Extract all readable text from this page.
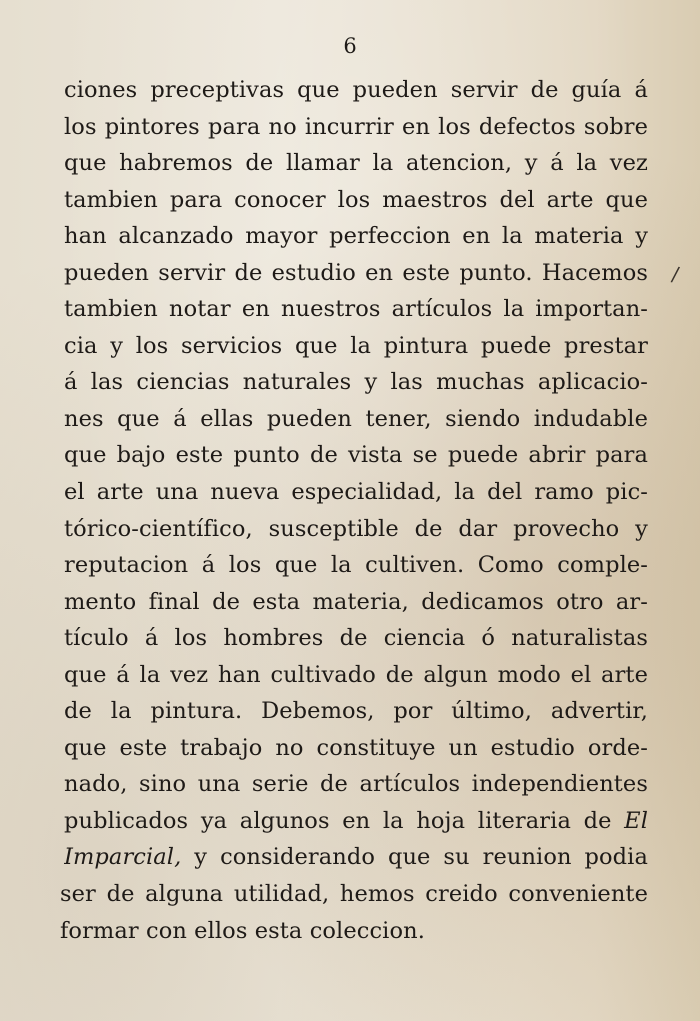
6
ciones preceptivas que pueden servir de guía á
los pintores para no incurrir en los defectos sobre
que habremos de llamar la atencion, y á la vez
tambien para conocer los maestros del arte que
han alcanzado mayor perfeccion en la materia y
pueden servir de estudio en este punto. Hacemos
tambien notar en nuestros artículos la importan-
cia y los servicios que la pintura puede prestar
á las ciencias naturales y las muchas aplicacio-
nes que á ellas pueden tener, siendo indudable
que bajo este punto de vista se puede abrir para
el arte una nueva especialidad, la del ramo pic-
tórico-científico, susceptible de dar provecho y
reputacion á los que la cultiven. Como comple-
mento final de esta materia, dedicamos otro ar-
tículo á los hombres de ciencia ó naturalistas
que á la vez han cultivado de algun modo el arte
de la pintura. Debemos, por último, advertir,
que este trabajo no constituye un estudio orde-
nado, sino una serie de artículos independientes
publicados ya algunos en la hoja literaria de El
Imparcial, y considerando que su reunion podia
ser de alguna utilidad, hemos creido conveniente
formar con ellos esta coleccion.
/
